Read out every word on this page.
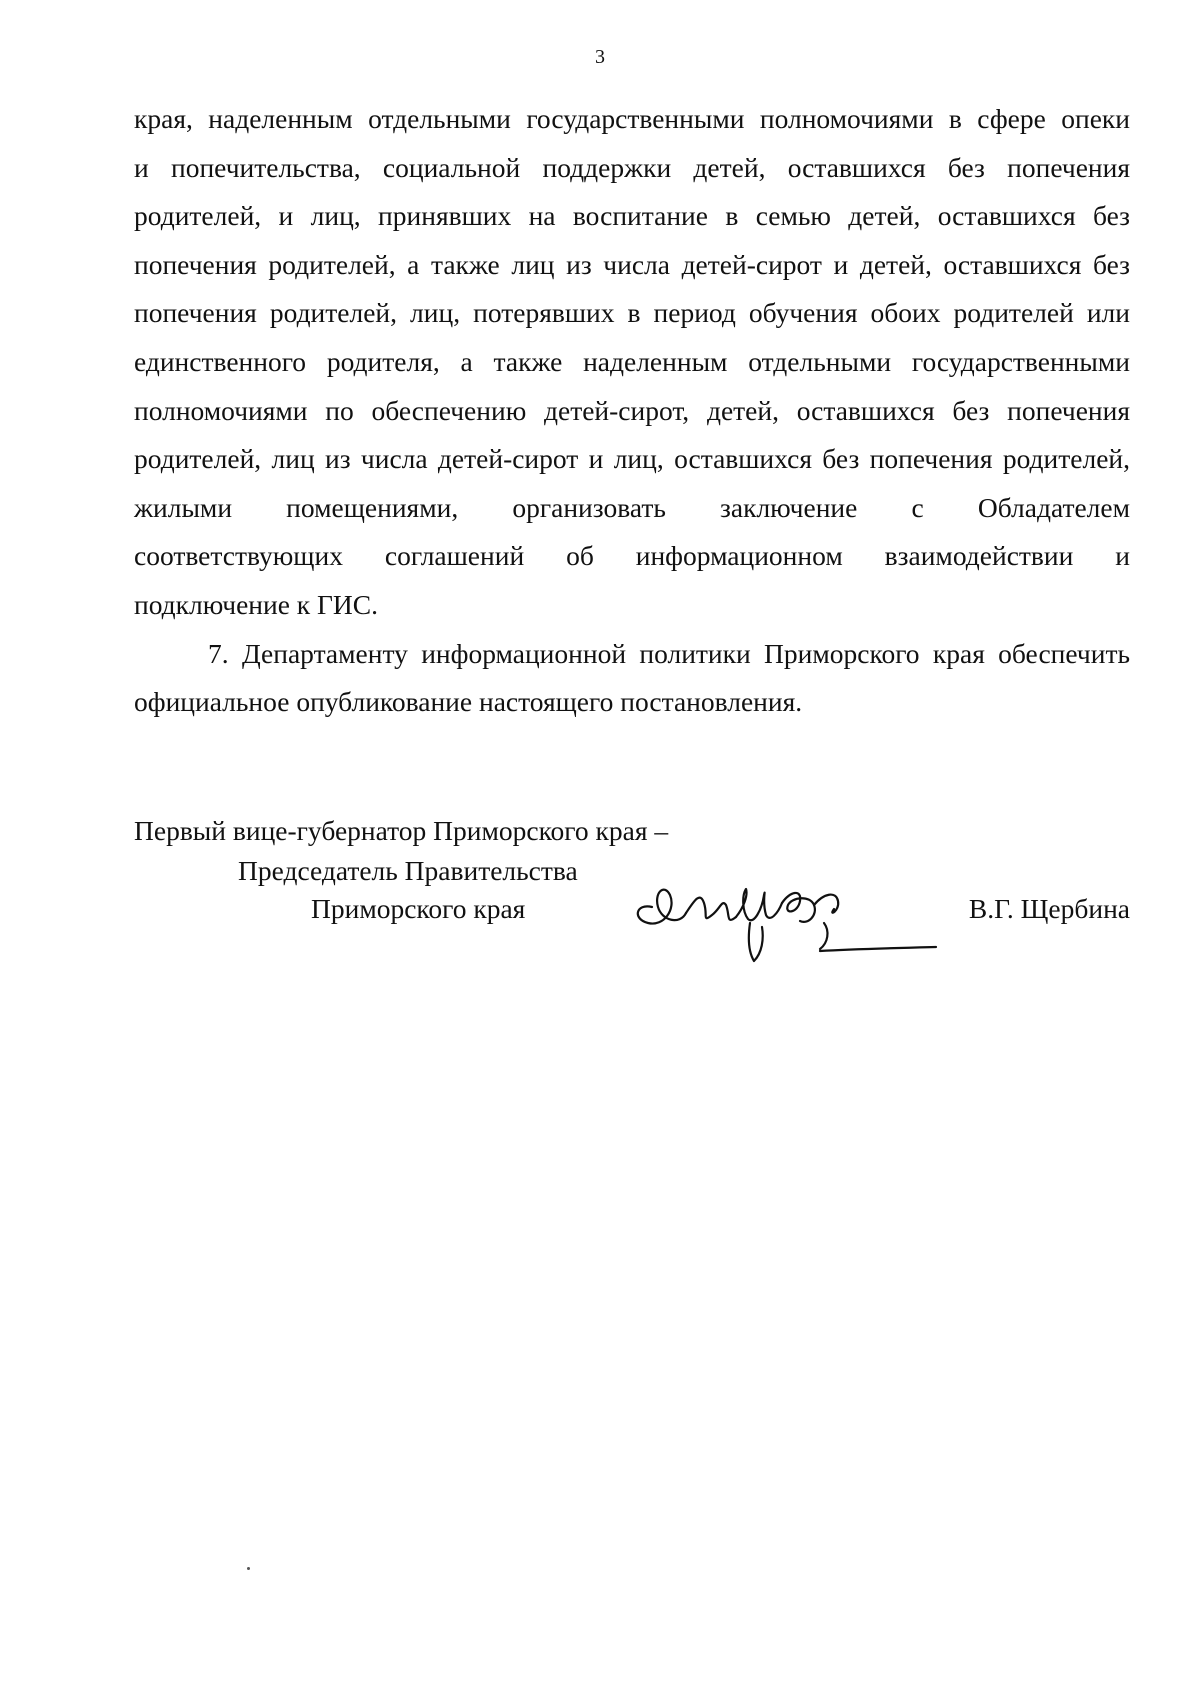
3
края, наделенным отдельными государственными полномочиями в сфере опеки
и попечительства, социальной поддержки детей, оставшихся без попечения
родителей, и лиц, принявших на воспитание в семью детей, оставшихся без
попечения родителей, а также лиц из числа детей-сирот и детей, оставшихся без
попечения родителей, лиц, потерявших в период обучения обоих родителей или
единственного родителя, а также наделенным отдельными государственными
полномочиями по обеспечению детей-сирот, детей, оставшихся без попечения
родителей, лиц из числа детей-сирот и лиц, оставшихся без попечения родителей,
жилыми помещениями, организовать заключение с Обладателем
соответствующих соглашений об информационном взаимодействии и
подключение к ГИС.
7. Департаменту информационной политики Приморского края обеспечить
официальное опубликование настоящего постановления.
Первый вице-губернатор Приморского края –
Председатель Правительства
Приморского края	В.Г. Щербина
